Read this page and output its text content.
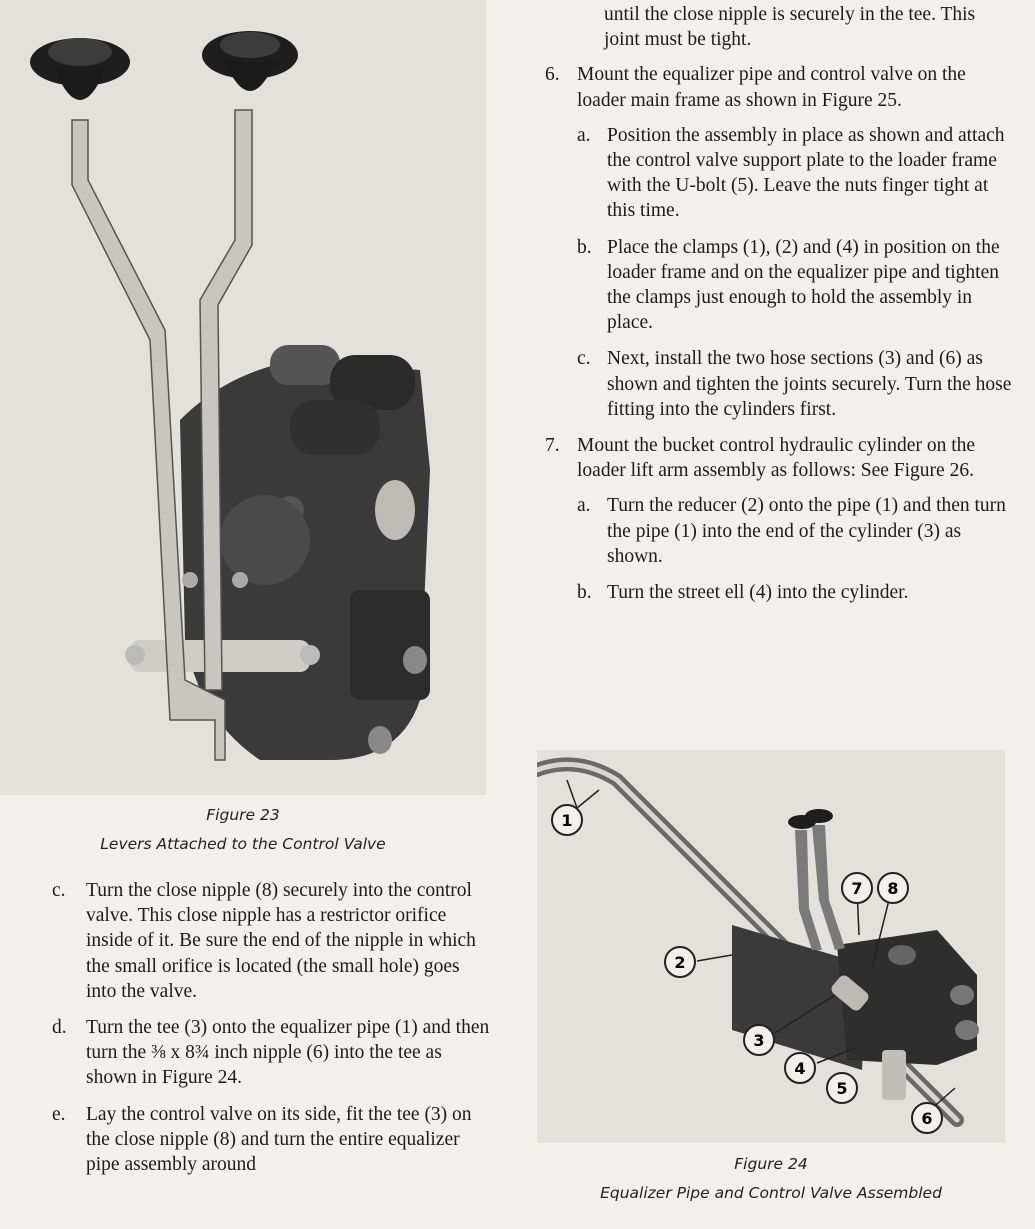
Figure 23
Levers Attached to the Control Valve

until the close nipple is securely in the tee. This joint must be tight.

6. Mount the equalizer pipe and control valve on the loader main frame as shown in Figure 25.
a. Position the assembly in place as shown and attach the control valve support plate to the loader frame with the U-bolt (5). Leave the nuts finger tight at this time.
b. Place the clamps (1), (2) and (4) in position on the loader frame and on the equalizer pipe and tighten the clamps just enough to hold the assembly in place.
c. Next, install the two hose sections (3) and (6) as shown and tighten the joints securely. Turn the hose fitting into the cylinders first.
7. Mount the bucket control hydraulic cylinder on the loader lift arm assembly as follows: See Figure 26.
a. Turn the reducer (2) onto the pipe (1) and then turn the pipe (1) into the end of the cylinder (3) as shown.
b. Turn the street ell (4) into the cylinder.
1
2
3
4
5
6
7 8
Figure 24
Equalizer Pipe and Control Valve Assembled
c. Turn the close nipple (8) securely into the control valve. This close nipple has a restrictor orifice inside of it. Be sure the end of the nipple in which the small orifice is located (the small hole) goes into the valve.
d. Turn the tee (3) onto the equalizer pipe (1) and then turn the ⅜ x 8¾ inch nipple (6) into the tee as shown in Figure 24.
e. Lay the control valve on its side, fit the tee (3) on the close nipple (8) and turn the entire equalizer pipe assembly around
